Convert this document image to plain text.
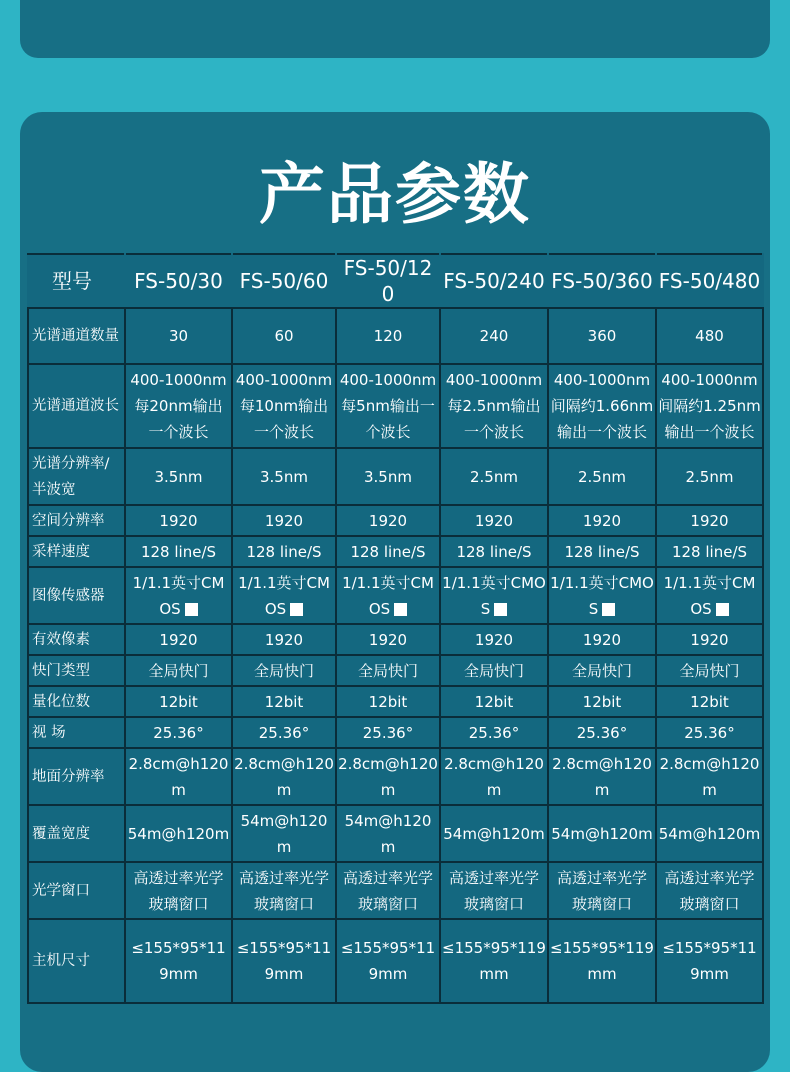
产品参数
型号	FS-50/30	FS-50/60	FS-50/120	FS-50/240	FS-50/360	FS-50/480
光谱通道数量	30	60	120	240	360	480
光谱通道波长	400-1000nm每20nm输出一个波长	400-1000nm每10nm输出一个波长	400-1000nm每5nm输出一个波长	400-1000nm每2.5nm输出一个波长	400-1000nm间隔约1.66nm输出一个波长	400-1000nm间隔约1.25nm输出一个波长
光谱分辨率/半波宽	3.5nm	3.5nm	3.5nm	2.5nm	2.5nm	2.5nm
空间分辨率	1920	1920	1920	1920	1920	1920
采样速度	128 line/S	128 line/S	128 line/S	128 line/S	128 line/S	128 line/S
图像传感器	1/1.1英寸CMOS	1/1.1英寸CMOS	1/1.1英寸CMOS	1/1.1英寸CMOS	1/1.1英寸CMOS	1/1.1英寸CMOS
有效像素	1920	1920	1920	1920	1920	1920
快门类型	全局快门	全局快门	全局快门	全局快门	全局快门	全局快门
量化位数	12bit	12bit	12bit	12bit	12bit	12bit
视 场	25.36°	25.36°	25.36°	25.36°	25.36°	25.36°
地面分辨率	2.8cm@h120m	2.8cm@h120m	2.8cm@h120m	2.8cm@h120m	2.8cm@h120m	2.8cm@h120m
覆盖宽度	54m@h120m	54m@h120m	54m@h120m	54m@h120m	54m@h120m	54m@h120m
光学窗口	高透过率光学玻璃窗口	高透过率光学玻璃窗口	高透过率光学玻璃窗口	高透过率光学玻璃窗口	高透过率光学玻璃窗口	高透过率光学玻璃窗口
主机尺寸	≤155*95*119mm	≤155*95*119mm	≤155*95*119mm	≤155*95*119mm	≤155*95*119mm	≤155*95*119mm
